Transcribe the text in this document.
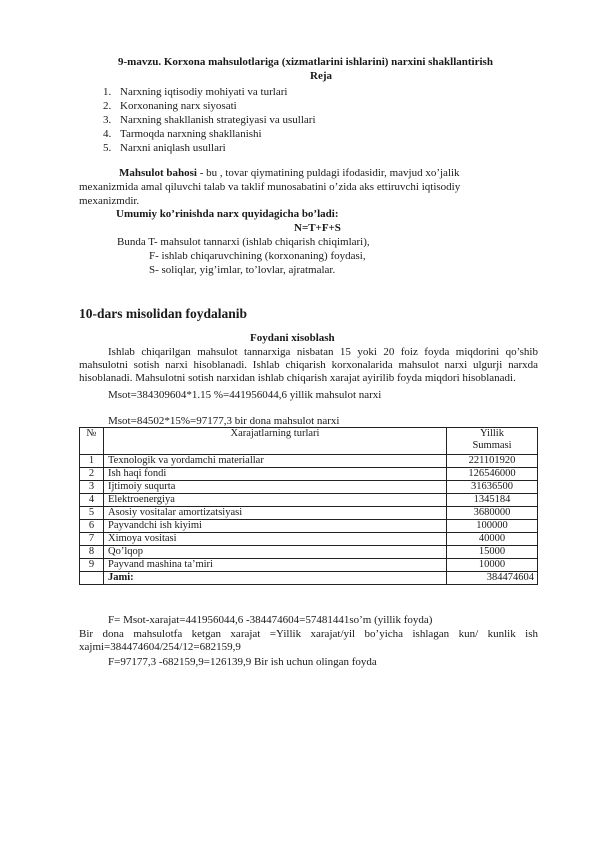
9-mavzu. Korxona mahsulotlariga (xizmatlarini ishlarini) narxini shakllantirish
Reja
1. Narxning iqtisodiy mohiyati va turlari
2. Korxonaning narx siyosati
3. Narxning shakllanish strategiyasi va usullari
4. Tarmoqda narxning shakllanishi
5. Narxni aniqlash usullari
Mahsulot bahosi - bu , tovar qiymatining puldagi ifodasidir, mavjud xo’jalik
mexanizmida amal qiluvchi talab va taklif munosabatini o’zida aks ettiruvchi iqtisodiy
mexanizmdir.
Umumiy ko’rinishda narx quyidagicha bo’ladi:
N=T+F+S
Bunda T- mahsulot tannarxi (ishlab chiqarish chiqimlari),
F- ishlab chiqaruvchining (korxonaning) foydasi,
S- soliqlar, yig’imlar, to’lovlar, ajratmalar.
10-dars misolidan foydalanib
Foydani xisoblash
Ishlab chiqarilgan mahsulot tannarxiga nisbatan 15 yoki 20 foiz foyda miqdorini qo’shib mahsulotni sotish narxi hisoblanadi. Ishlab chiqarish korxonalarida mahsulot narxi ulgurji narxda hisoblanadi. Mahsulotni sotish narxidan ishlab chiqarish xarajat ayirilib foyda miqdori hisoblanadi.
Msot=384309604*1.15 %=441956044,6 yillik mahsulot narxi
Msot=84502*15%=97177,3 bir dona mahsulot narxi
№	Xarajatlarning turlari	Yillik
Summasi
1	Texnologik va yordamchi materiallar	221101920
2	Ish haqi fondi	126546000
3	Ijtimoiy suqurta	31636500
4	Elektroenergiya	1345184
5	Asosiy vositalar amortizatsiyasi	3680000
6	Payvandchi ish kiyimi	100000
7	Ximoya vositasi	40000
8	Qo’lqop	15000
9	Payvand mashina ta’miri	10000
	Jami:	384474604
F= Msot-xarajat=441956044,6 -384474604=57481441so’m (yillik foyda)
Bir dona mahsulotfa ketgan xarajat =Yillik xarajat/yil bo’yicha ishlagan kun/ kunlik ish xajmi=384474604/254/12=682159,9
F=97177,3 -682159,9=126139,9 Bir ish uchun olingan foyda
